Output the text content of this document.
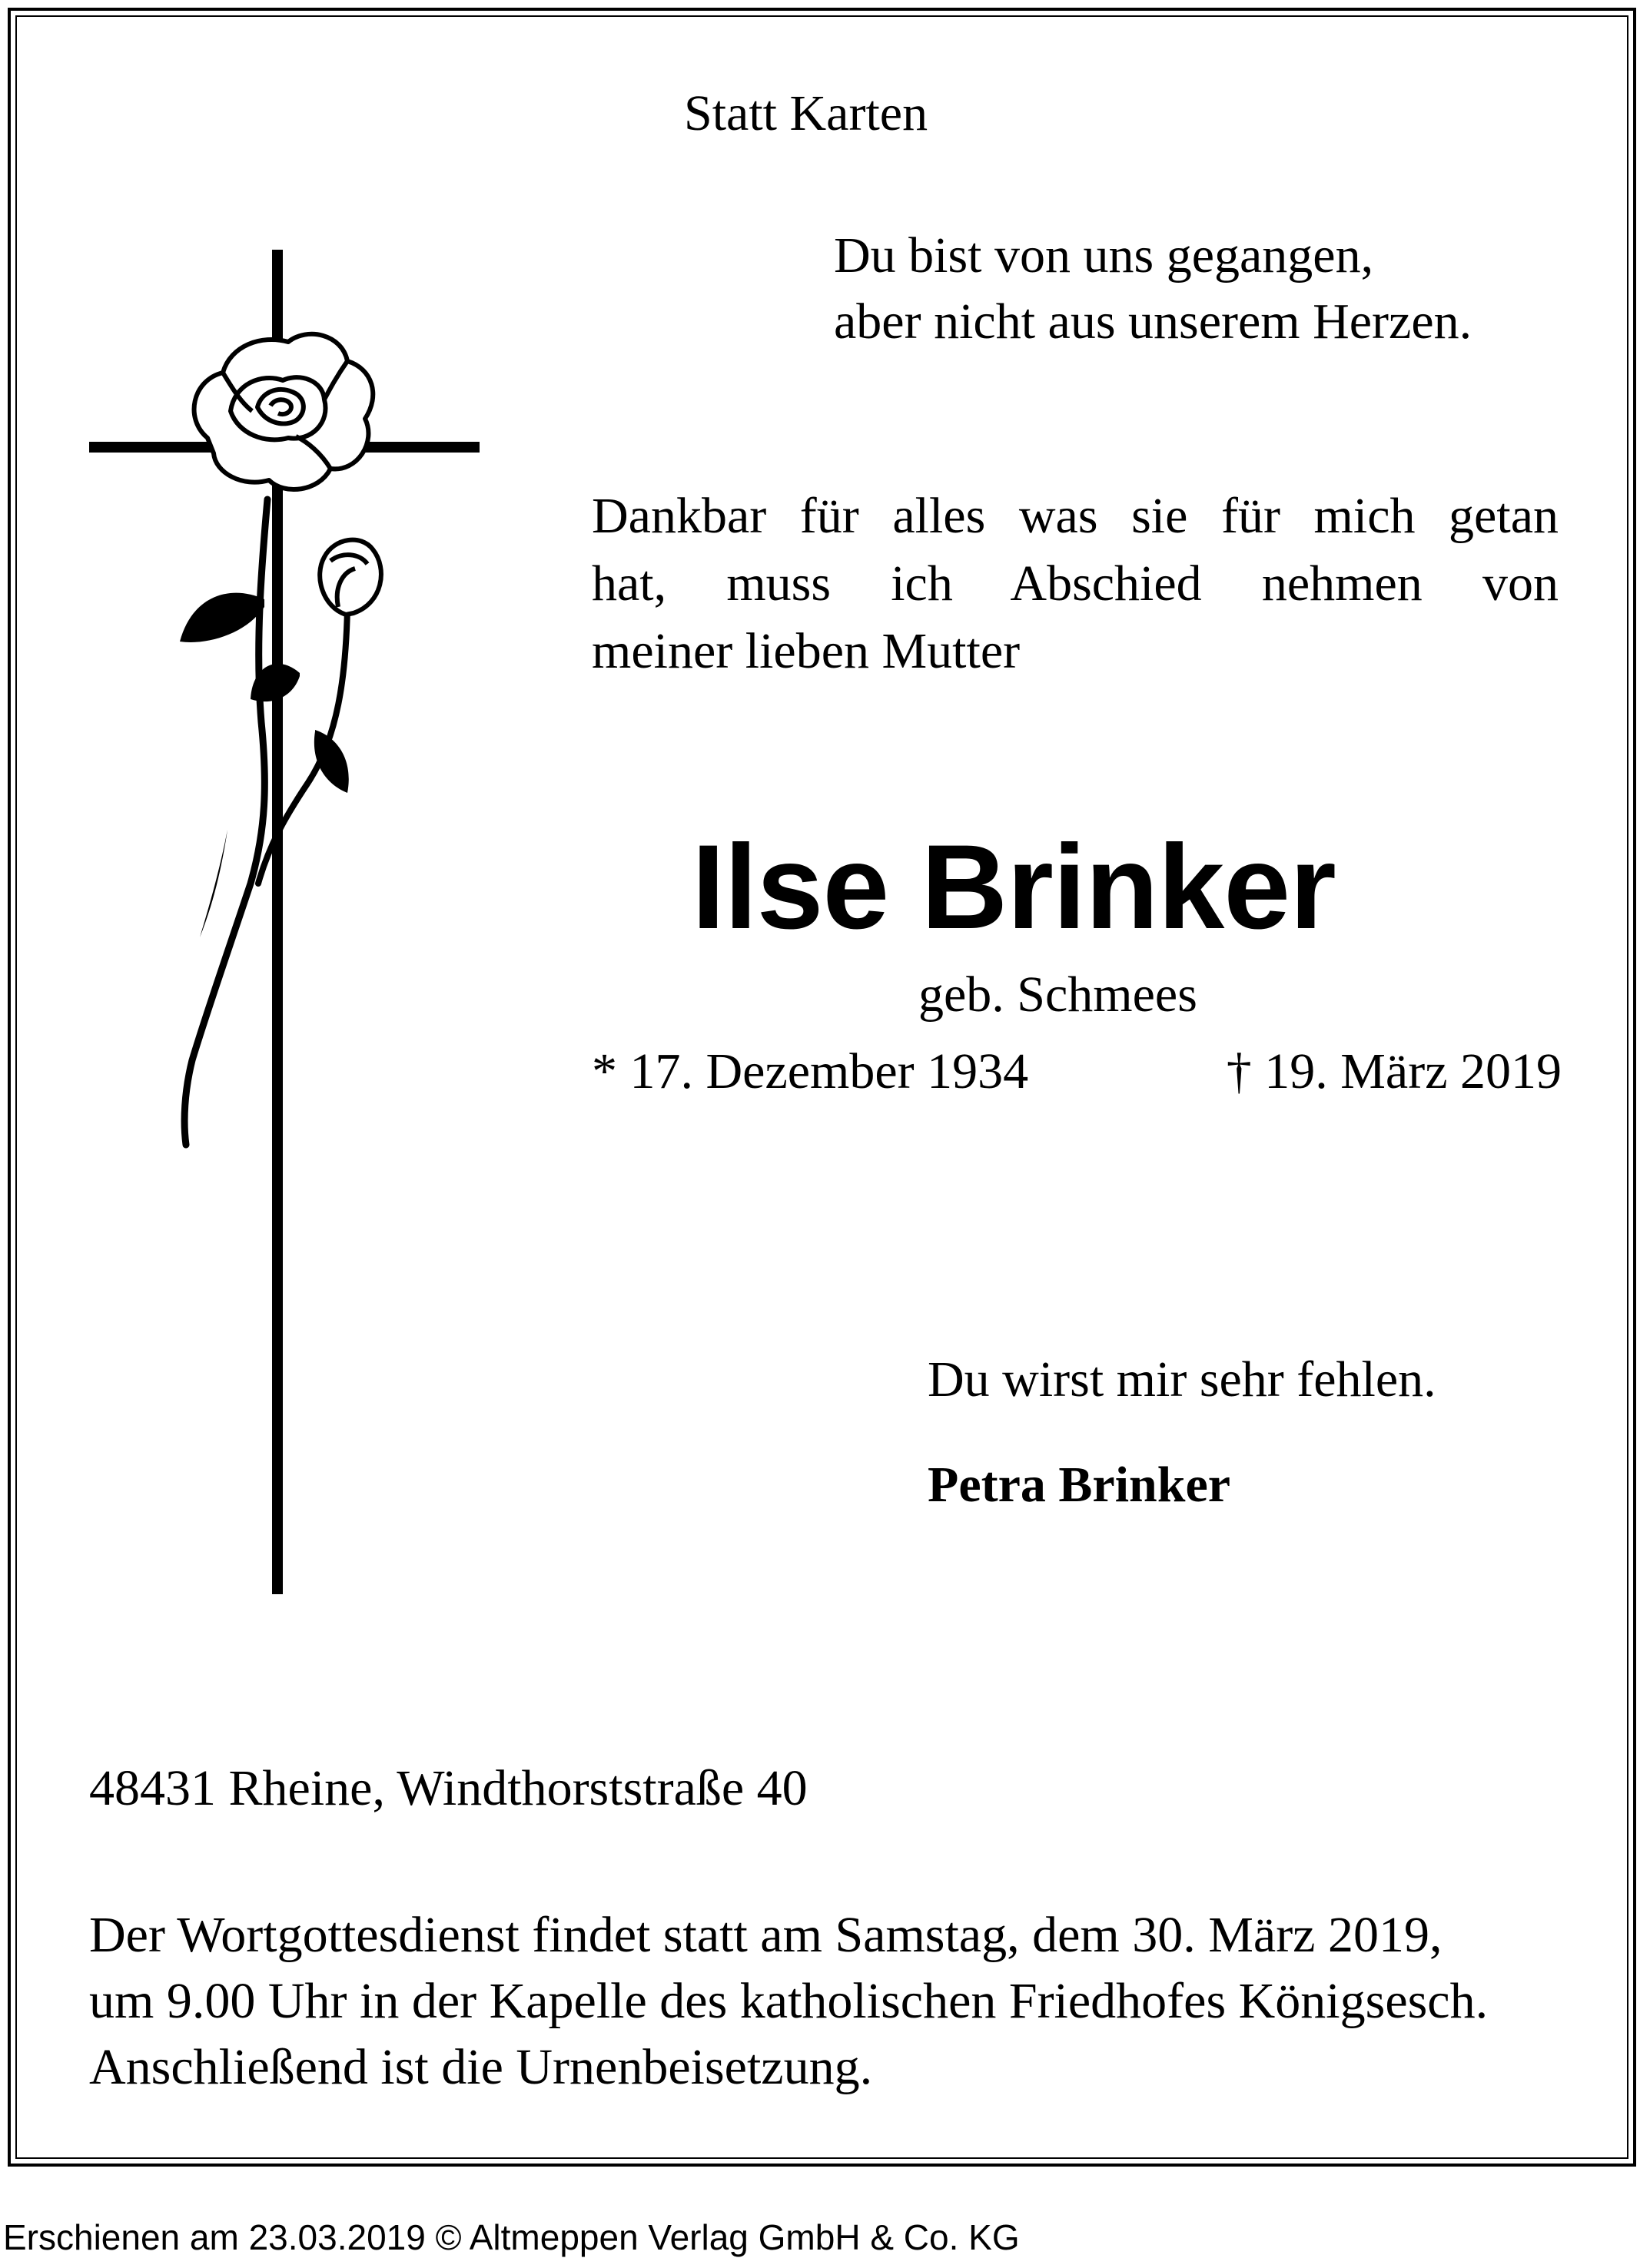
Statt Karten
Du bist von uns gegangen,
aber nicht aus unserem Herzen.
Dankbar für alles was sie für mich getan
hat, muss ich Abschied nehmen von
meiner lieben Mutter
Ilse Brinker
geb. Schmees
* 17. Dezember 1934	† 19. März 2019
Du wirst mir sehr fehlen.
Petra Brinker
48431 Rheine, Windthorststraße 40
Der Wortgottesdienst findet statt am Samstag, dem 30. März 2019,
um 9.00 Uhr in der Kapelle des katholischen Friedhofes Königsesch.
Anschließend ist die Urnenbeisetzung.
Erschienen am 23.03.2019 © Altmeppen Verlag GmbH & Co. KG
